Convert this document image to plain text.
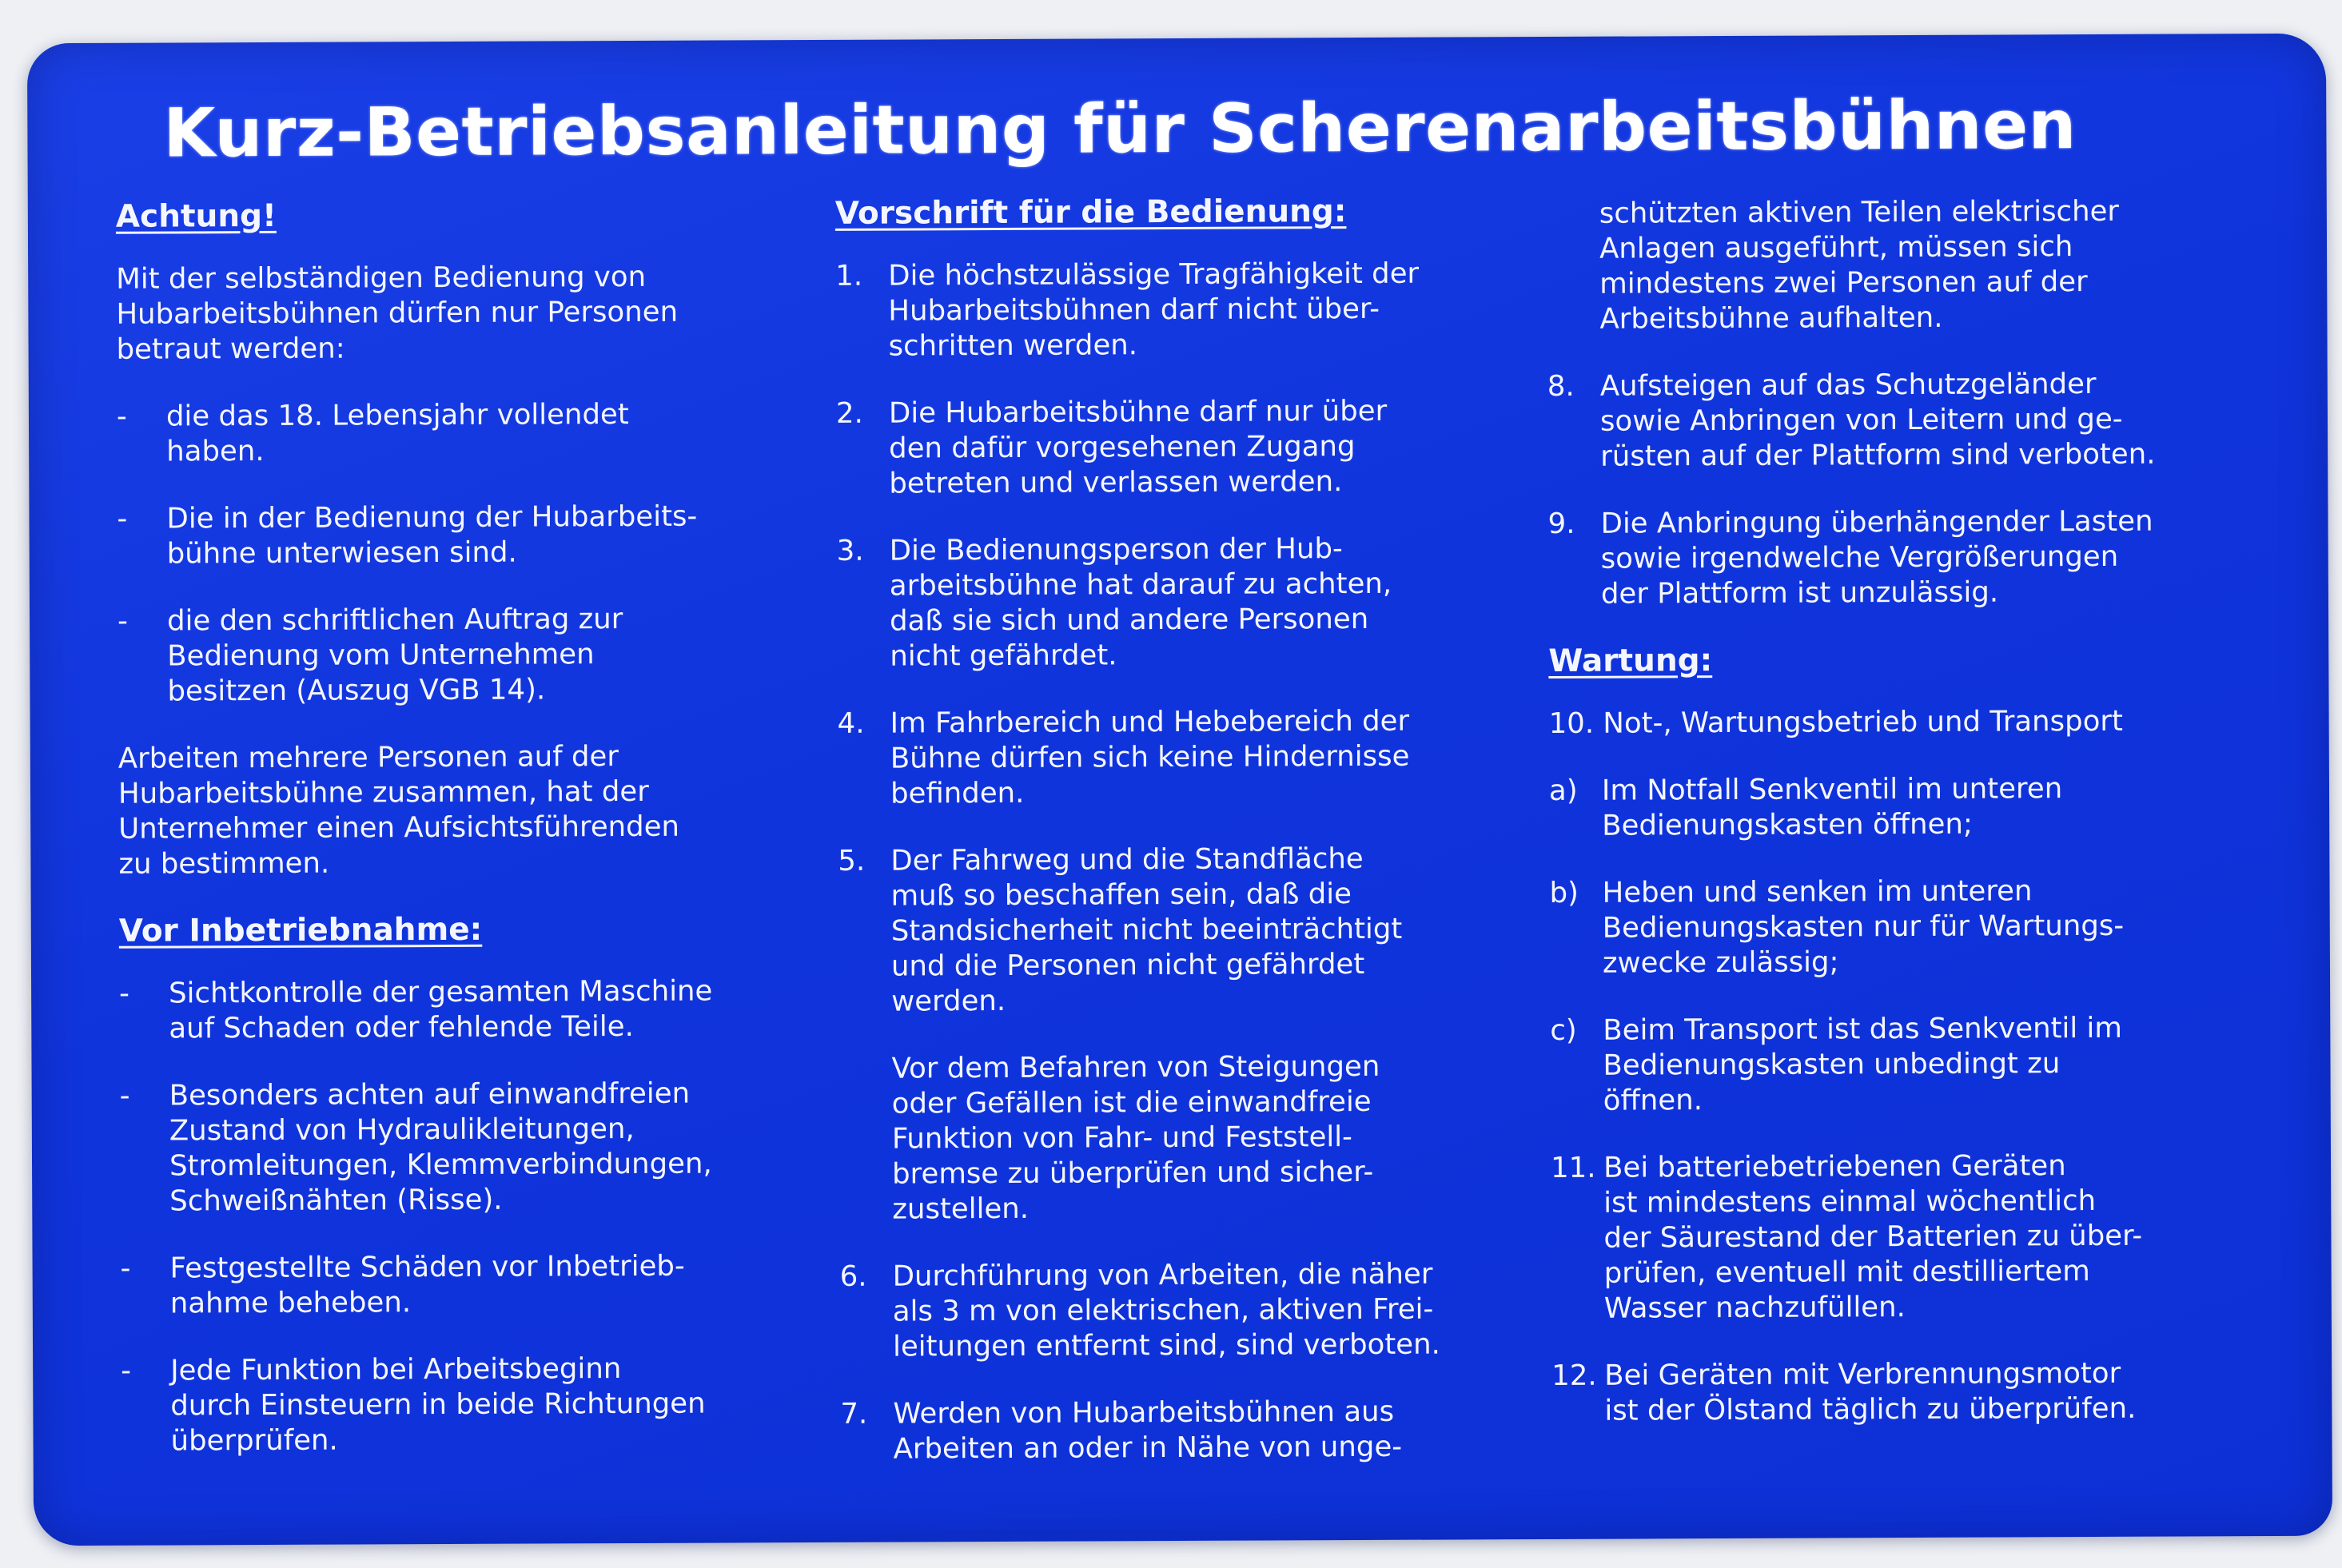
Kurz-Betriebsanleitung für Scherenarbeitsbühnen
Achtung!
Mit der selbständigen Bedienung von
Hubarbeitsbühnen dürfen nur Personen
betraut werden:
-	die das 18. Lebensjahr vollendet
haben.
-	Die in der Bedienung der Hubarbeits-
bühne unterwiesen sind.
-	die den schriftlichen Auftrag zur
Bedienung vom Unternehmen
besitzen (Auszug VGB 14).
Arbeiten mehrere Personen auf der
Hubarbeitsbühne zusammen, hat der
Unternehmer einen Aufsichtsführenden
zu bestimmen.
Vor Inbetriebnahme:
-	Sichtkontrolle der gesamten Maschine
auf Schaden oder fehlende Teile.
-	Besonders achten auf einwandfreien
Zustand von Hydraulikleitungen,
Stromleitungen, Klemmverbindungen,
Schweißnähten (Risse).
-	Festgestellte Schäden vor Inbetrieb-
nahme beheben.
-	Jede Funktion bei Arbeitsbeginn
durch Einsteuern in beide Richtungen
überprüfen.
Vorschrift für die Bedienung:
1. Die höchstzulässige Tragfähigkeit der
Hubarbeitsbühnen darf nicht über-
schritten werden.
2. Die Hubarbeitsbühne darf nur über
den dafür vorgesehenen Zugang
betreten und verlassen werden.
3. Die Bedienungsperson der Hub-
arbeitsbühne hat darauf zu achten,
daß sie sich und andere Personen
nicht gefährdet.
4. Im Fahrbereich und Hebebereich der
Bühne dürfen sich keine Hindernisse
befinden.
5. Der Fahrweg und die Standfläche
muß so beschaffen sein, daß die
Standsicherheit nicht beeinträchtigt
und die Personen nicht gefährdet
werden.
Vor dem Befahren von Steigungen
oder Gefällen ist die einwandfreie
Funktion von Fahr- und Feststell-
bremse zu überprüfen und sicher-
zustellen.
6. Durchführung von Arbeiten, die näher
als 3 m von elektrischen, aktiven Frei-
leitungen entfernt sind, sind verboten.
7. Werden von Hubarbeitsbühnen aus
Arbeiten an oder in Nähe von unge-
schützten aktiven Teilen elektrischer
Anlagen ausgeführt, müssen sich
mindestens zwei Personen auf der
Arbeitsbühne aufhalten.
8. Aufsteigen auf das Schutzgeländer
sowie Anbringen von Leitern und ge-
rüsten auf der Plattform sind verboten.
9. Die Anbringung überhängender Lasten
sowie irgendwelche Vergrößerungen
der Plattform ist unzulässig.
Wartung:
10. Not-, Wartungsbetrieb und Transport
a) Im Notfall Senkventil im unteren
Bedienungskasten öffnen;
b) Heben und senken im unteren
Bedienungskasten nur für Wartungs-
zwecke zulässig;
c) Beim Transport ist das Senkventil im
Bedienungskasten unbedingt zu
öffnen.
11. Bei batteriebetriebenen Geräten
ist mindestens einmal wöchentlich
der Säurestand der Batterien zu über-
prüfen, eventuell mit destilliertem
Wasser nachzufüllen.
12. Bei Geräten mit Verbrennungsmotor
ist der Ölstand täglich zu überprüfen.
